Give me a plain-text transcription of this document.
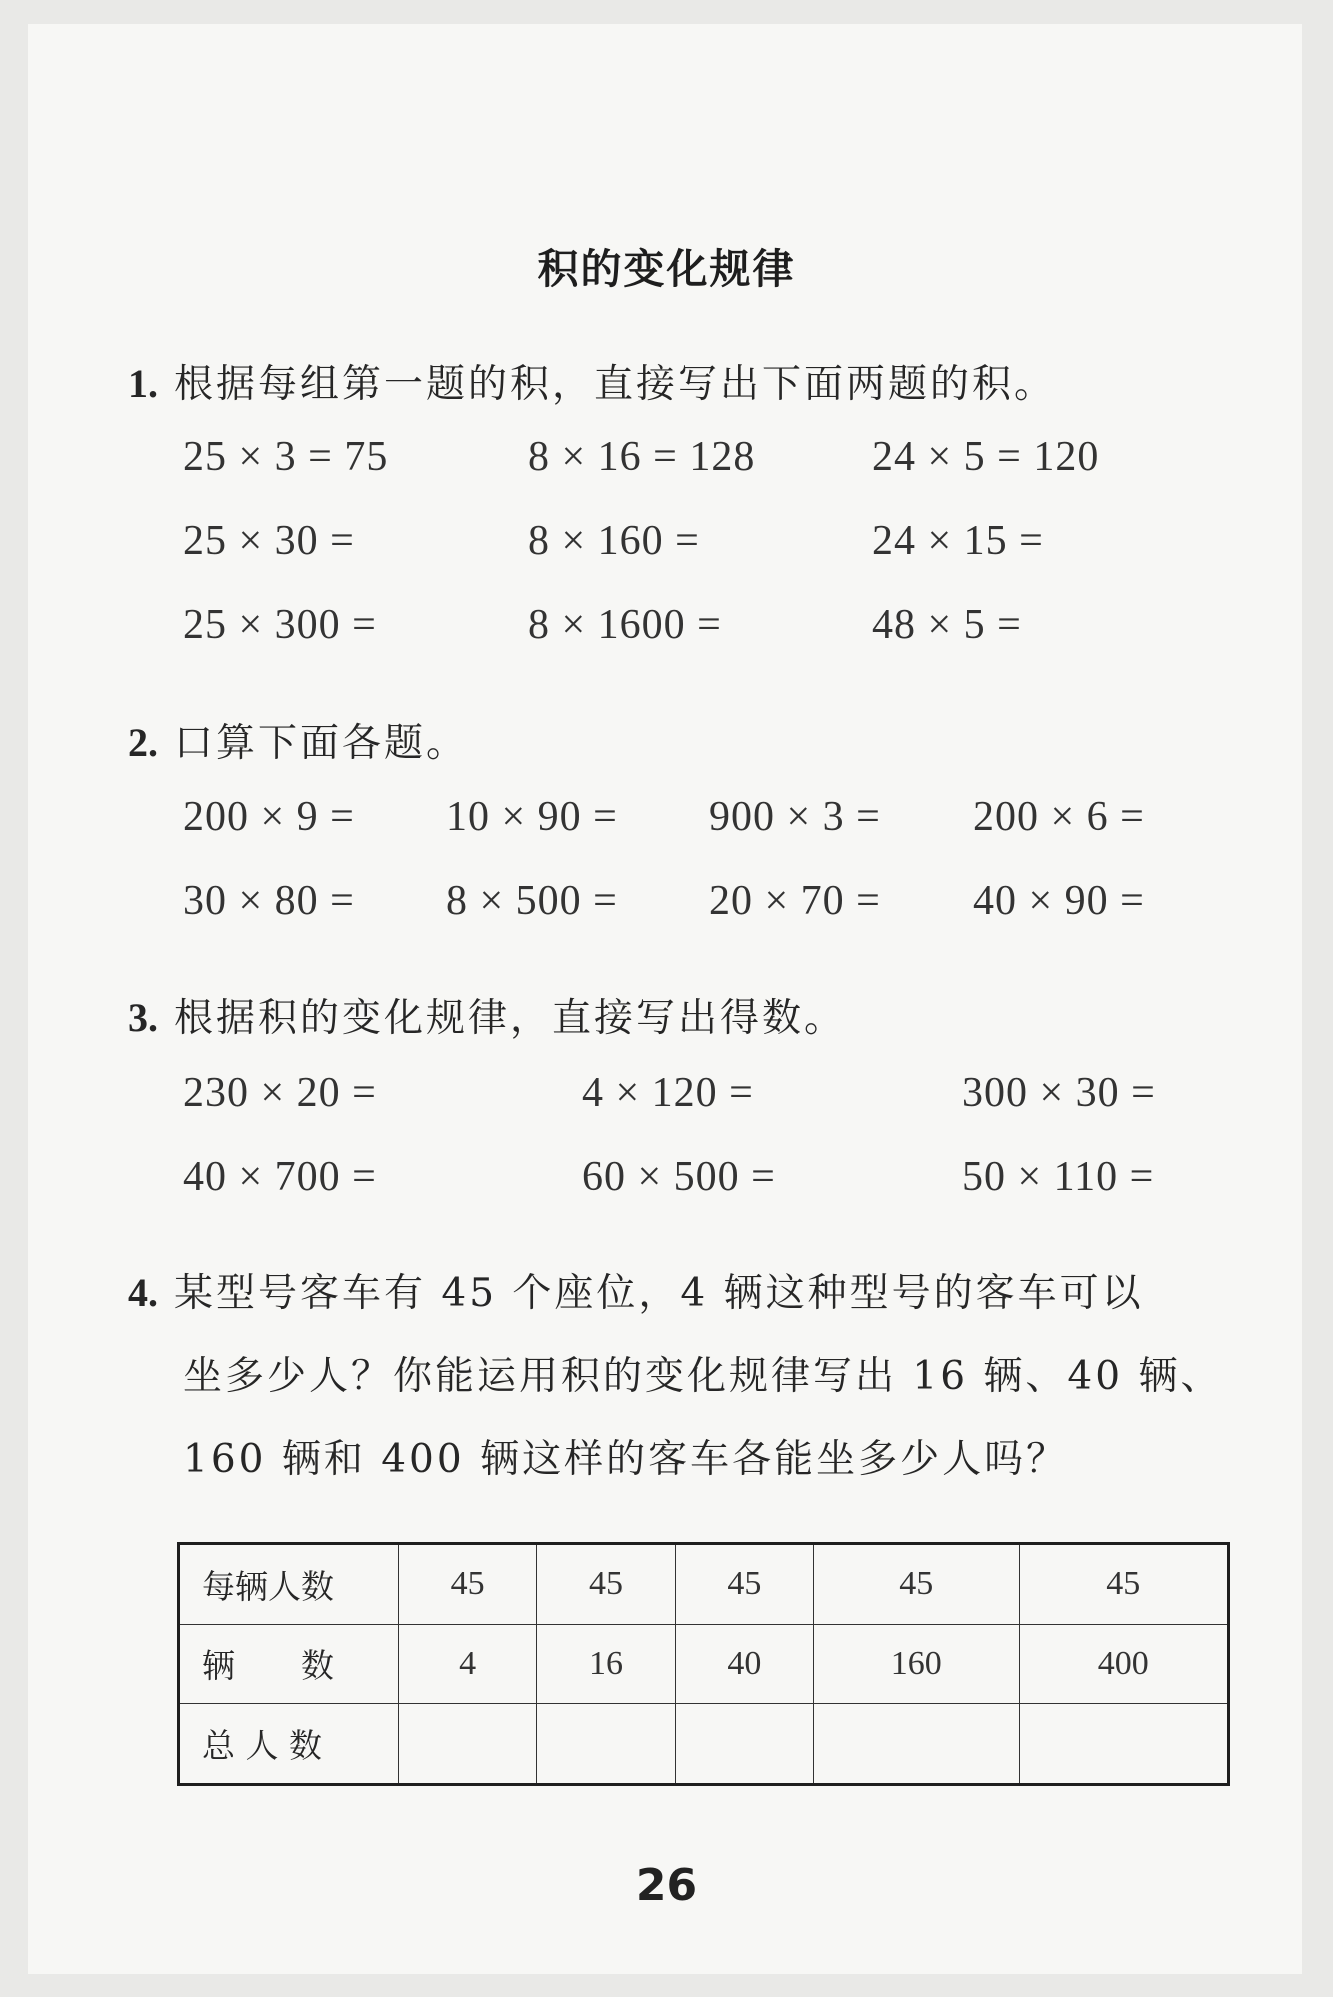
积的变化规律
1. 根据每组第一题的积，直接写出下面两题的积。
25 × 3 = 75	8 × 16 = 128	24 × 5 = 120
25 × 30 =	8 × 160 =	24 × 15 =
25 × 300 =	8 × 1600 =	48 × 5 =
2. 口算下面各题。
200 × 9 = 10 × 90 = 900 × 3 = 200 × 6 =
30 × 80 = 8 × 500 = 20 × 70 = 40 × 90 =
3. 根据积的变化规律，直接写出得数。
230 × 20 =	4 × 120 =	300 × 30 =
40 × 700 =	60 × 500 =	50 × 110 =
4. 某型号客车有 45 个座位，4 辆这种型号的客车可以
坐多少人？你能运用积的变化规律写出 16 辆、40 辆、
160 辆和 400 辆这样的客车各能坐多少人吗？
每辆人数	45	45	45	45	45
辆　　数	4	16	40	160	400
总 人 数					
26
